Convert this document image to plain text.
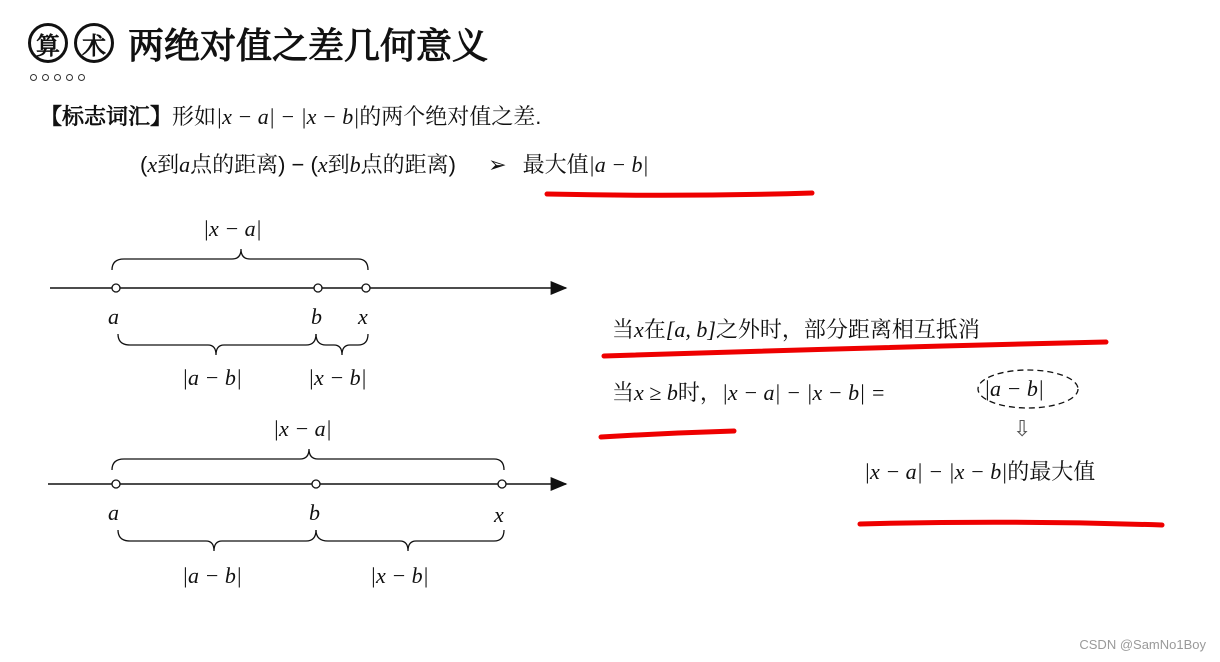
算 术 两绝对值之差几何意义
【标志词汇】形如|x − a| − |x − b|的两个绝对值之差.
(x到a点的距离) − (x到b点的距离) ➢ 最大值|a − b|
|x − a|
a	b x
|a − b|	|x − b|
|x − a|
a	b	x
|a − b|	|x − b|
当x在[a, b]之外时，部分距离相互抵消
当x ≥ b时，|x − a| − |x − b| =	|a − b|
⇩
|x − a| − |x − b|的最大值
CSDN @SamNo1Boy
